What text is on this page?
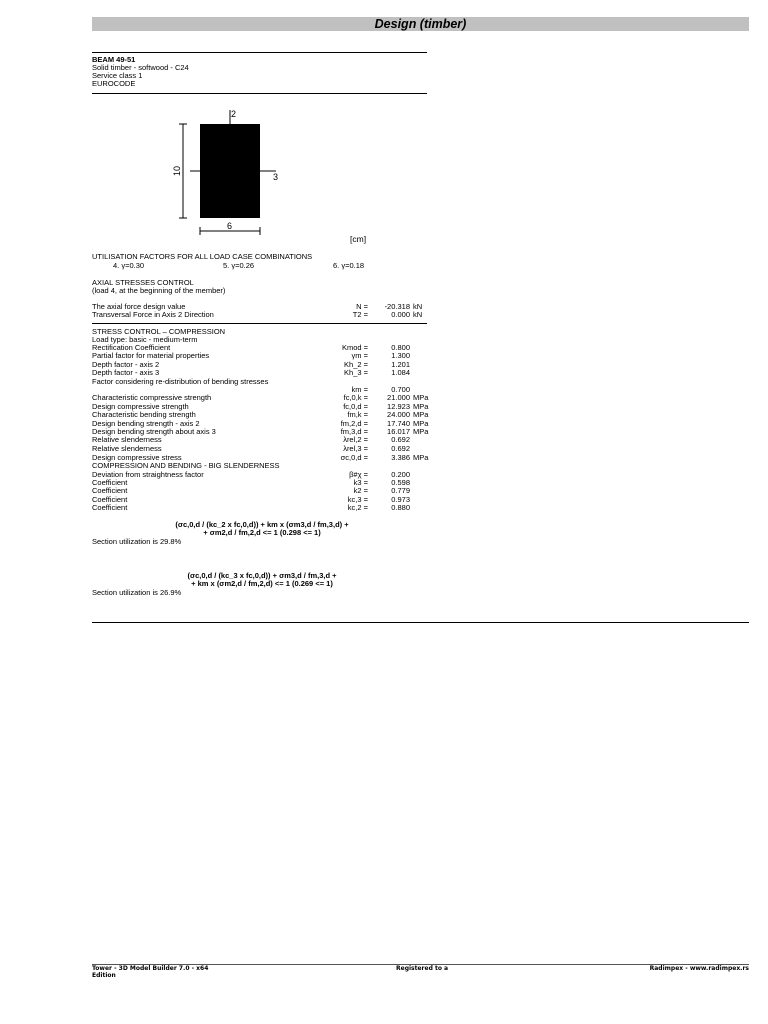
Design (timber)
BEAM 49-51
Solid timber - softwood - C24
Service class 1
EUROCODE
2
3
10
6
[cm]
UTILISATION FACTORS FOR ALL LOAD CASE COMBINATIONS
4. γ=0.30	5. γ=0.26	6. γ=0.18
AXIAL STRESSES CONTROL
(load 4, at the beginning of the member)
The axial force design value	N =	-20.318 kN
Transversal Force in Axis 2 Direction	T2 =	0.000 kN
STRESS CONTROL – COMPRESSION
Load type: basic - medium-term
Rectification Coefficient	Kmod =	0.800
Partial factor for material properties	γm =	1.300
Depth factor - axis 2	Kh_2 =	1.201
Depth factor - axis 3	Kh_3 =	1.084
Factor considering re-distribution of bending stresses
km =	0.700
Characteristic compressive strength	fc,0,k =	21.000 MPa
Design compressive strength	fc,0,d =	12.923 MPa
Characteristic bending strength	fm,k =	24.000 MPa
Design bending strength - axis 2	fm,2,d =	17.740 MPa
Design bending strength about axis 3	fm,3,d =	16.017 MPa
Relative slenderness	λrel,2 =	0.692
Relative slenderness	λrel,3 =	0.692
Design compressive stress	σc,0,d =	3.386 MPa
COMPRESSION AND BENDING - BIG SLENDERNESS
Deviation from straightness factor	β#χ =	0.200
Coefficient	k3 =	0.598
Coefficient	k2 =	0.779
Coefficient	kc,3 =	0.973
Coefficient	kc,2 =	0.880
(σc,0,d / (kc_2 x fc,0,d)) + km x (σm3,d / fm,3,d) +
+ σm2,d / fm,2,d <= 1 (0.298 <= 1)
Section utilization is 29.8%
(σc,0,d / (kc_3 x fc,0,d)) + σm3,d / fm,3,d +
+ km x (σm2,d / fm,2,d) <= 1 (0.269 <= 1)
Section utilization is 26.9%
Tower - 3D Model Builder 7.0 - x64
Edition
Registered to a	Radimpex - www.radimpex.rs
